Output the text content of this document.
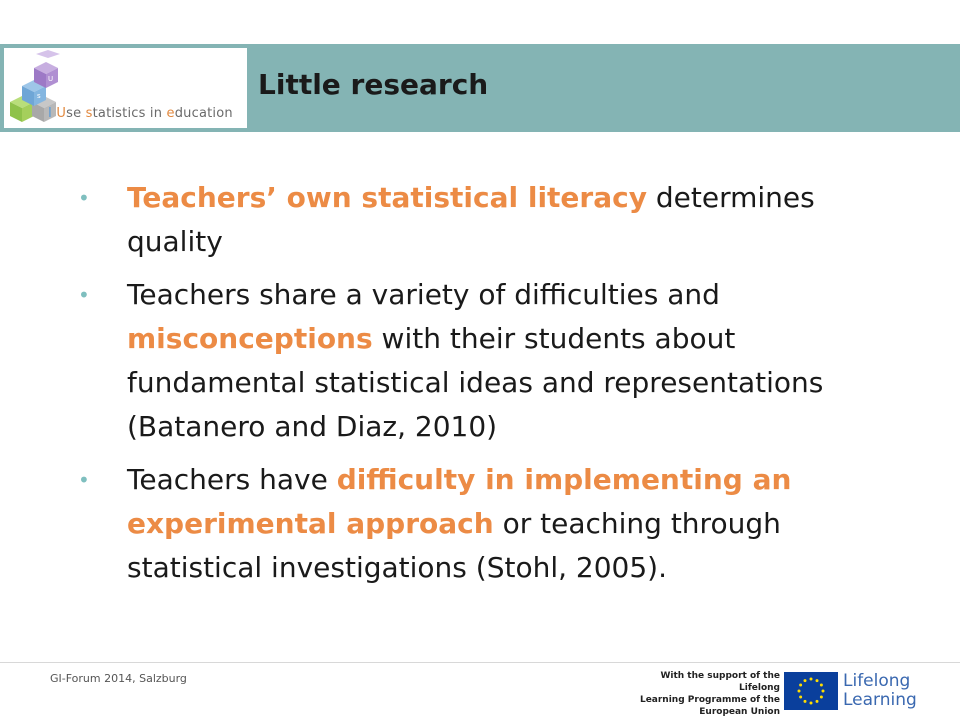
U
s e
I Use statistics in education
Little research
• Teachers’ own statistical literacy determines quality
• Teachers share a variety of difficulties and misconceptions with their students about fundamental statistical ideas and representations (Batanero and Diaz, 2010)
• Teachers have difficulty in implementing an experimental approach or teaching through statistical investigations (Stohl, 2005).
GI-Forum 2014, Salzburg	With the support of the Lifelong
Learning Programme of the
European Union
Lifelong
Learning
